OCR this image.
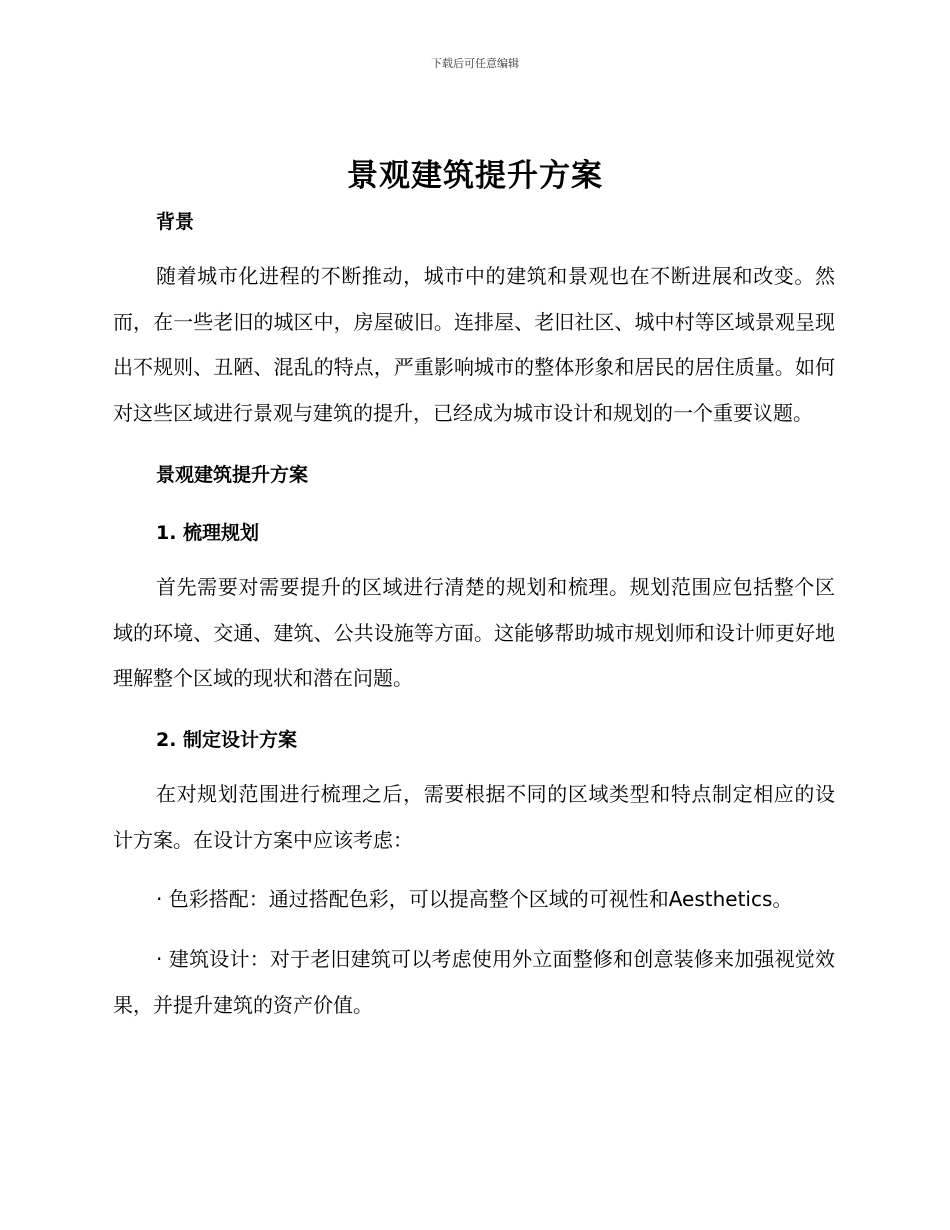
下载后可任意编辑
景观建筑提升方案
背景

随着城市化进程的不断推动，城市中的建筑和景观也在不断进展和改变。然而，在一些老旧的城区中，房屋破旧。连排屋、老旧社区、城中村等区域景观呈现出不规则、丑陋、混乱的特点，严重影响城市的整体形象和居民的居住质量。如何对这些区域进行景观与建筑的提升，已经成为城市设计和规划的一个重要议题。

景观建筑提升方案
1. 梳理规划

首先需要对需要提升的区域进行清楚的规划和梳理。规划范围应包括整个区域的环境、交通、建筑、公共设施等方面。这能够帮助城市规划师和设计师更好地理解整个区域的现状和潜在问题。

2. 制定设计方案

在对规划范围进行梳理之后，需要根据不同的区域类型和特点制定相应的设计方案。在设计方案中应该考虑：

· 色彩搭配：通过搭配色彩，可以提高整个区域的可视性和Aesthetics。

· 建筑设计：对于老旧建筑可以考虑使用外立面整修和创意装修来加强视觉效果，并提升建筑的资产价值。
